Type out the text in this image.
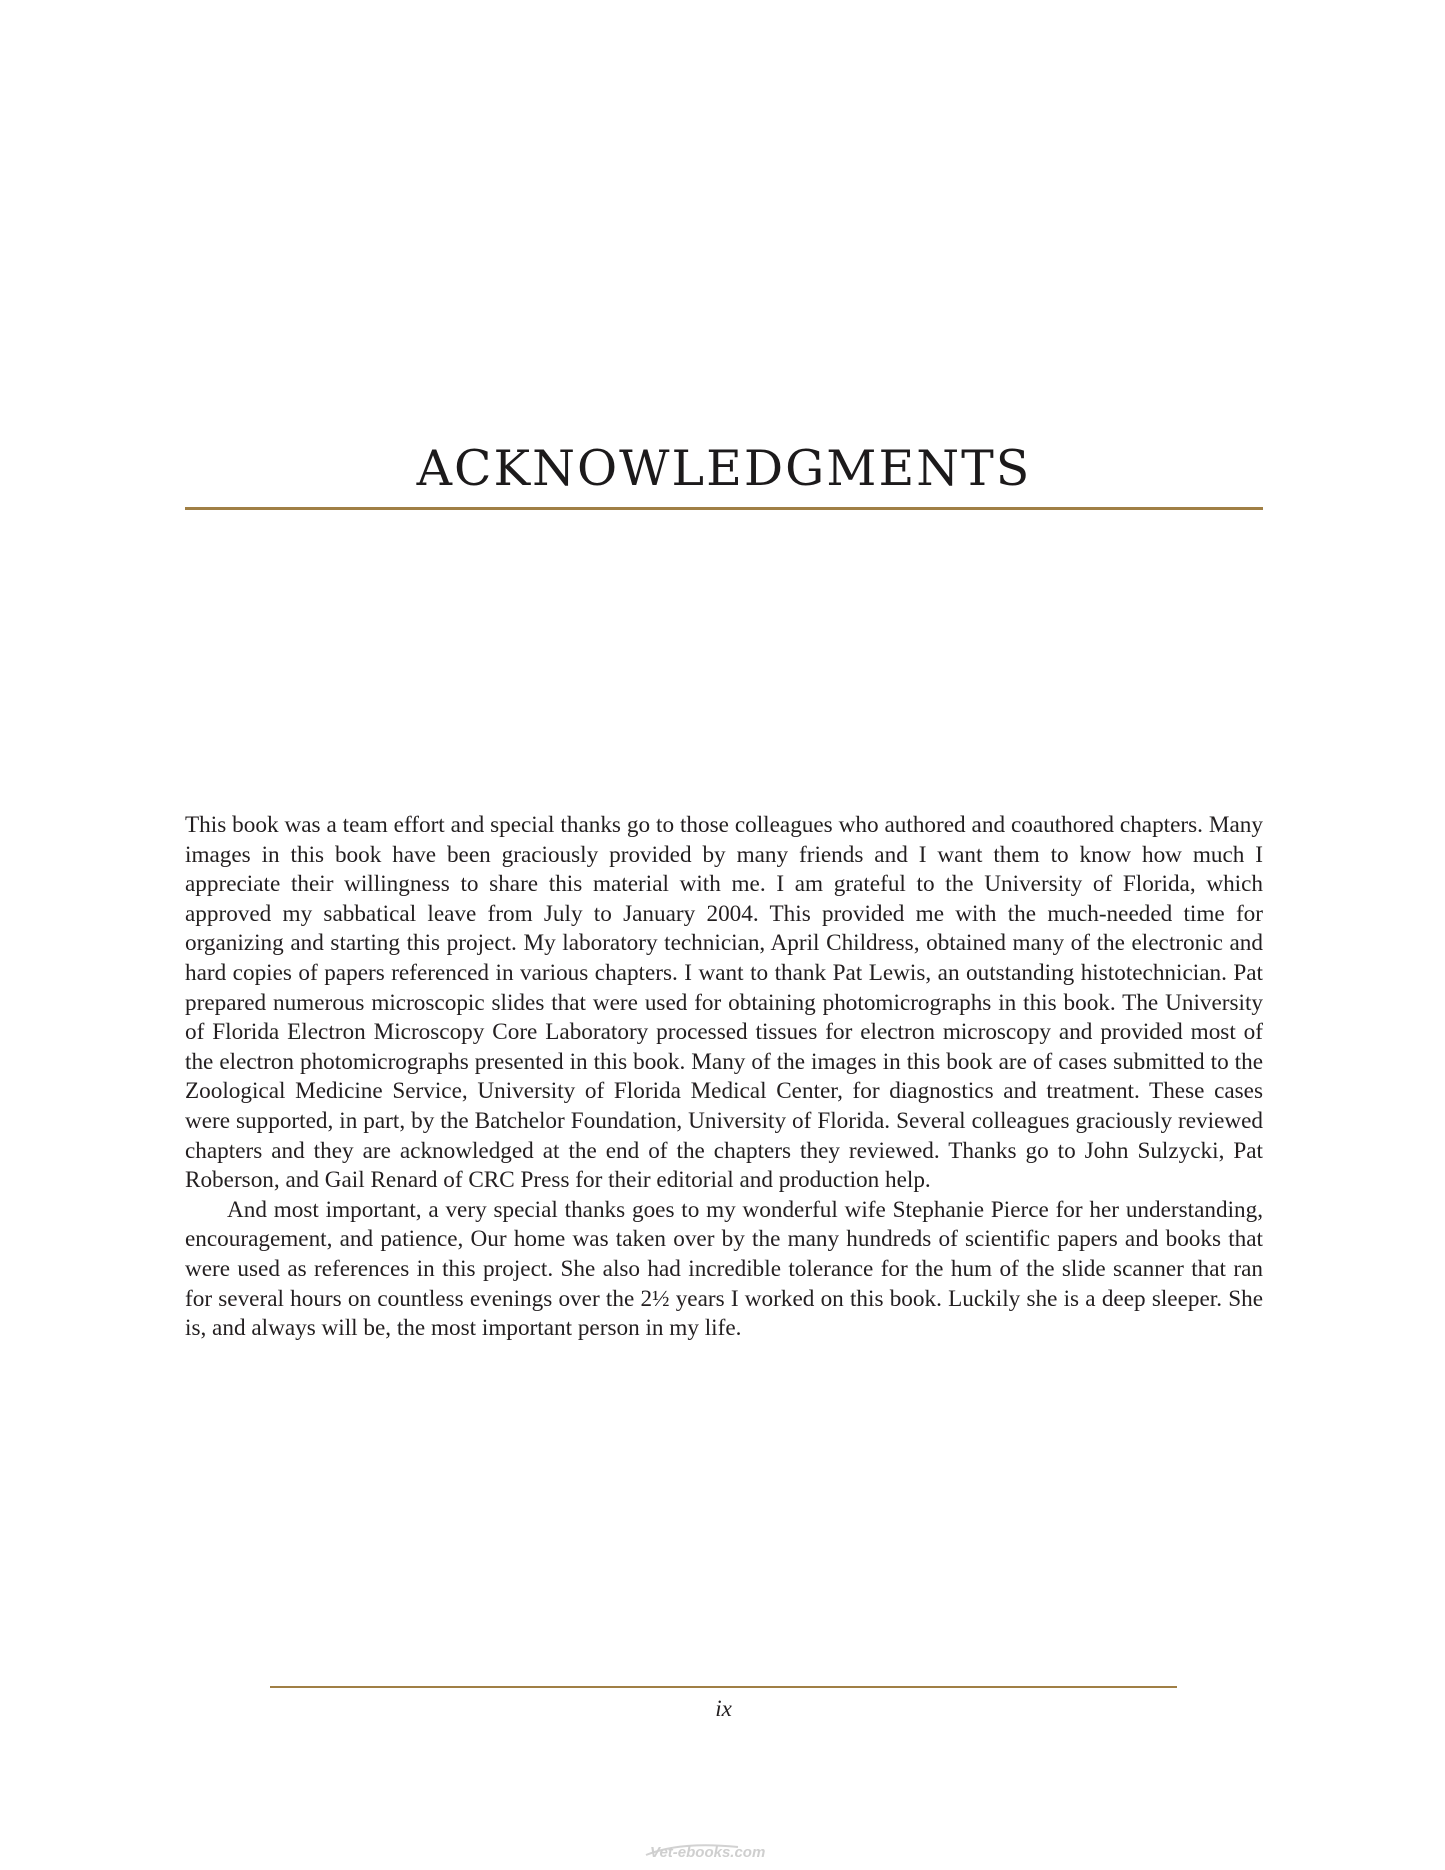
ACKNOWLEDGMENTS

This book was a team effort and special thanks go to those colleagues who authored and coauthored chapters. Many images in this book have been graciously provided by many friends and I want them to know how much I appreciate their willingness to share this material with me. I am grateful to the University of Florida, which approved my sabbatical leave from July to January 2004. This provided me with the much-needed time for organizing and starting this project. My laboratory technician, April Childress, obtained many of the electronic and hard copies of papers referenced in various chapters. I want to thank Pat Lewis, an outstanding histotechnician. Pat prepared numerous microscopic slides that were used for obtaining photomicrographs in this book. The University of Florida Electron Microscopy Core Laboratory processed tissues for electron microscopy and provided most of the electron photomicrographs presented in this book. Many of the images in this book are of cases submitted to the Zoological Medicine Service, University of Florida Medical Center, for diagnostics and treatment. These cases were supported, in part, by the Batchelor Foundation, University of Florida. Several colleagues graciously reviewed chapters and they are acknowledged at the end of the chapters they reviewed. Thanks go to John Sulzycki, Pat Roberson, and Gail Renard of CRC Press for their editorial and production help.

And most important, a very special thanks goes to my wonderful wife Stephanie Pierce for her understanding, encouragement, and patience, Our home was taken over by the many hundreds of scientific papers and books that were used as references in this project. She also had incredible tolerance for the hum of the slide scanner that ran for several hours on countless evenings over the 2½ years I worked on this book. Luckily she is a deep sleeper. She is, and always will be, the most important person in my life.

ix
Vet-ebooks.com
